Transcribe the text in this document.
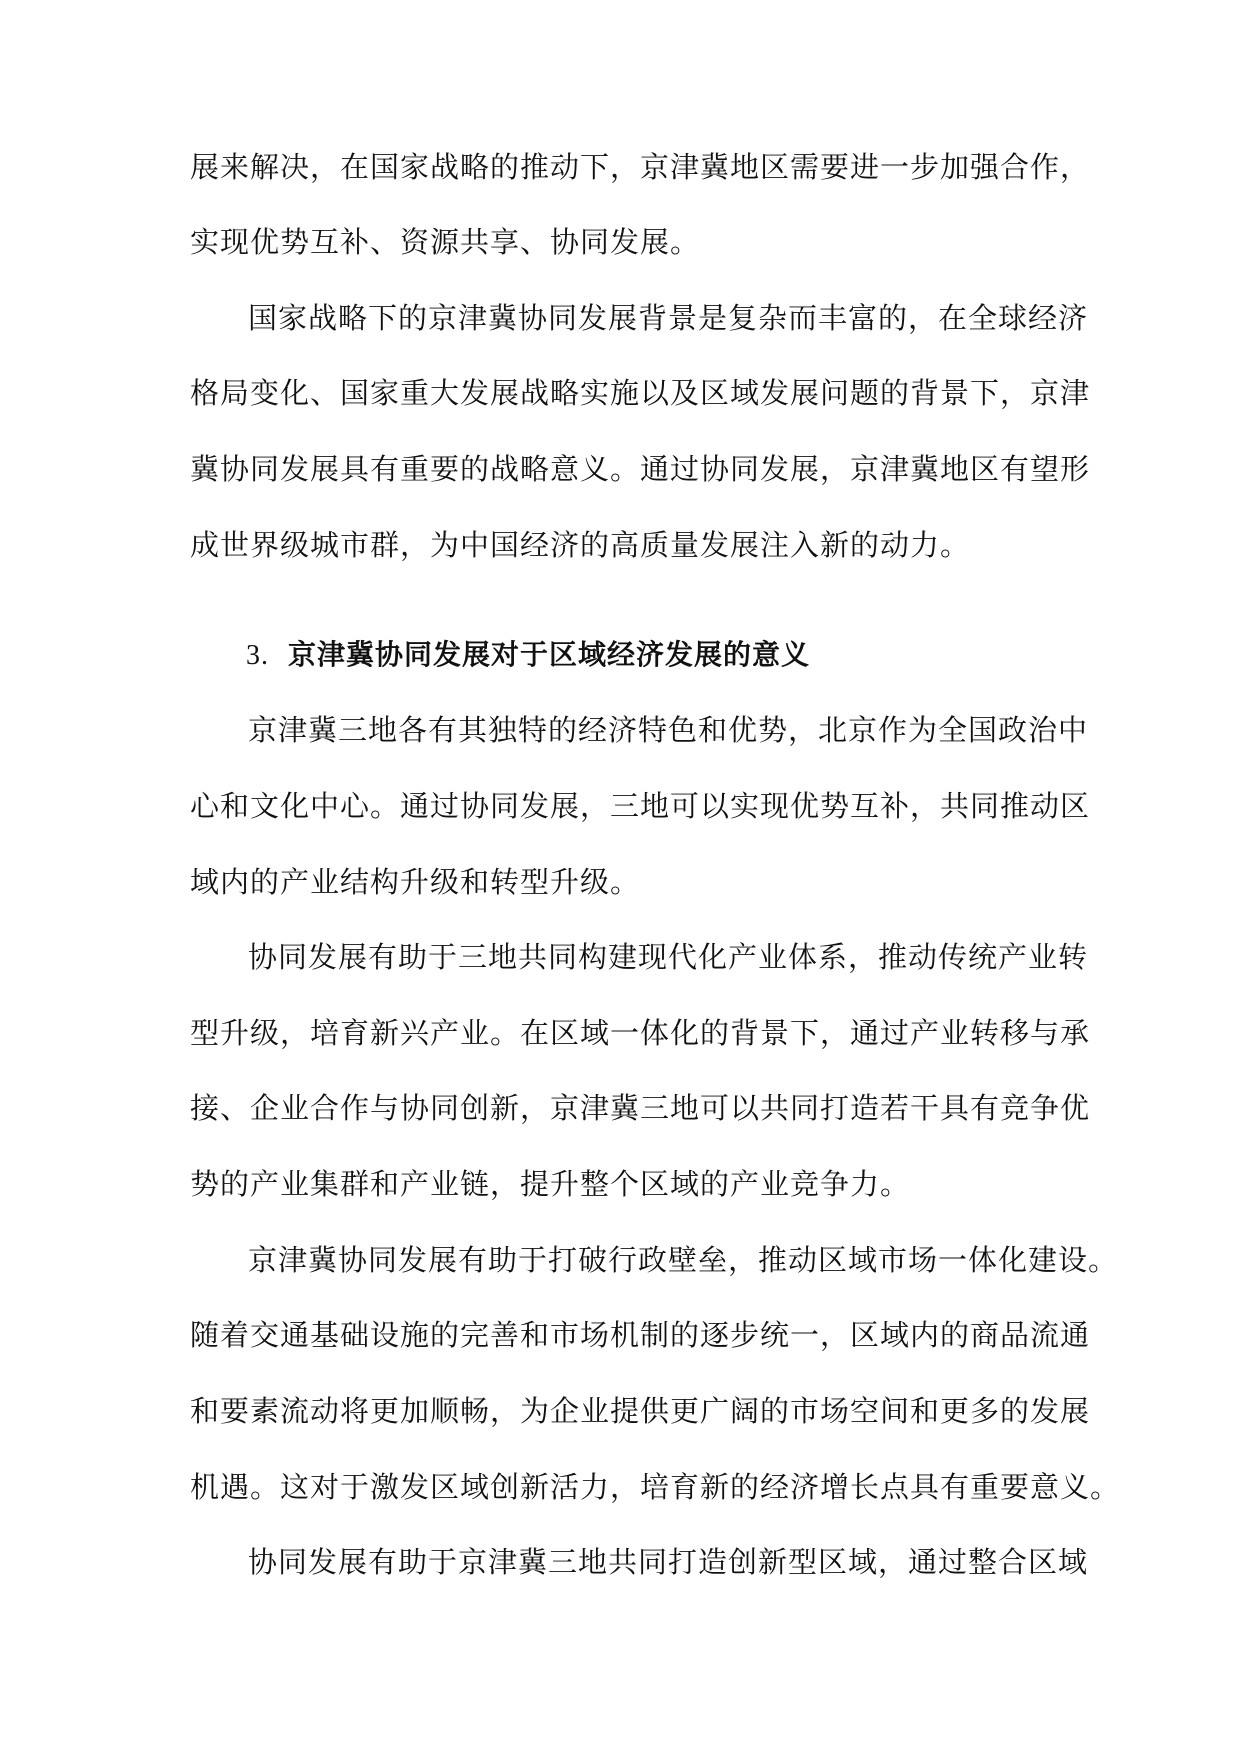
展来解决，在国家战略的推动下，京津冀地区需要进一步加强合作，
实现优势互补、资源共享、协同发展。
国家战略下的京津冀协同发展背景是复杂而丰富的，在全球经济
格局变化、国家重大发展战略实施以及区域发展问题的背景下，京津
冀协同发展具有重要的战略意义。通过协同发展，京津冀地区有望形
成世界级城市群，为中国经济的高质量发展注入新的动力。
3. 京津冀协同发展对于区域经济发展的意义
京津冀三地各有其独特的经济特色和优势，北京作为全国政治中
心和文化中心。通过协同发展，三地可以实现优势互补，共同推动区
域内的产业结构升级和转型升级。
协同发展有助于三地共同构建现代化产业体系，推动传统产业转
型升级，培育新兴产业。在区域一体化的背景下，通过产业转移与承
接、企业合作与协同创新，京津冀三地可以共同打造若干具有竞争优
势的产业集群和产业链，提升整个区域的产业竞争力。
京津冀协同发展有助于打破行政壁垒，推动区域市场一体化建设。
随着交通基础设施的完善和市场机制的逐步统一，区域内的商品流通
和要素流动将更加顺畅，为企业提供更广阔的市场空间和更多的发展
机遇。这对于激发区域创新活力，培育新的经济增长点具有重要意义。
协同发展有助于京津冀三地共同打造创新型区域，通过整合区域
